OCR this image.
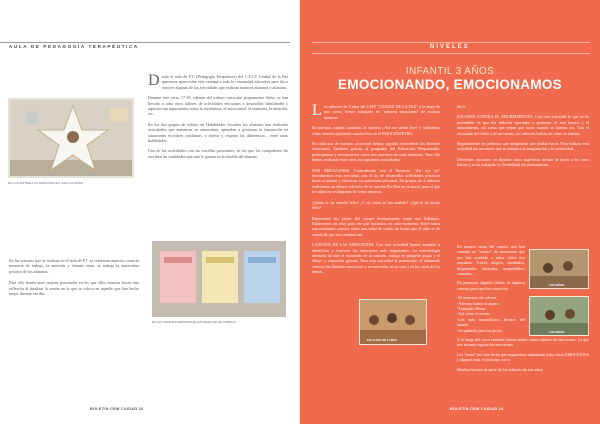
AULA DE PEDAGOGÍA TERAPÉUTICA

Desde el aula de P.T. (Pedagogía Terapéutica) del C.E.I.P. Ciudad de la Paz queremos aprovechar esta ventana a toda la comunidad educativa para dar a conocer algunas de las actividades que realizan nuestros alumnos y alumnas.

Durante este curso 17-18, además del trabajo curricular propiamente dicho, se han llevado a cabo otros talleres de actividades enfocadas a desarrollar habilidades y aspectos tan importantes como la autoestima, el autocontrol, la memoria, la atención, etc.

En los dos grupos de trabajo de Habilidades Sociales los alumnos han realizado actividades que aumentan su autoestima, aprenden a gestionar la frustración en situaciones escolares cotidianas, a tolerar y respetar las diferencias... entre otras habilidades.

Una de las actividades con las estrellas personales, en las que los compañeros les escriben las cualidades que más le gustan en la estrella del alumno.

EN LAS ESTRELLAS PERSONALES CADA ALUMNO

En las sesiones que se realizan en el aula de P.T. se refuerzan aspectos como la memoria de trabajo, la atención y durante estas, se trabaja la autoestima positiva de los alumnos.

Para ello tienen unas tarjetas personales en las que ellos mismos hacen una reflexión al finalizar la sesión en la que se coloca en aquello que han hecho mejor durante ese día.

EN LAS TARJETAS PERSONALES AUTOEVALÚAN SU TRABAJO
BOLETÍN CEM CIUDAD 22
NIVELES
INFANTIL 3 AÑOS
EMOCIONANDO, EMOCIONAMOS

Los niños/as de 3 años del CEIP "CIUDAD DE LA PAZ" a lo largo de este curso, hemos trabajado en "nuestras emociones" de muchas maneras.

En nuestras rutinas contamos la canción ¿Así me siento hoy? y señalamos cómo estamos poniendo nuestra foto en el EMOCIÓMETRO.

En cada una de nuestros proyectos hemos seguido conociendo las distintas emociones. También gracias al programa del Educación Responsable, participamos y reconocemos como nos sentimos en cada momento. Para ello hemos realizado entre otras las siguientes actividades:

NOS ABRAZAMOS: Coincidiendo con el Proyecto "Así soy yo" introducimos esta actividad, con el fin de desarrollar actividades positivas hacia sí mismo y favorecer su autoestima personal. En grupos de 4 niños/as realizamos un abrazo colectivo de la canción Pin-Pon en el mural, para el que los niños/as se disponen de forma emotiva.

¿Quién se ha sentido feliz? ¿Y tú, cómo te has sentido? ¿Qué te ha hecho feliz?

Repasamos las partes del cuerpo dramatizando como nos hallamos. Elaboramos un reloj para ver qué hacíamos en cada momento. Entre todos representamos cuentos sobre una señal de cariño de forma que el niño se dé cuenta de que nos sentimos así.

CANCIÓN DE LAS EMOCIONES: Con esta actividad hemos ayudado a identificar y expresar las emociones más importantes. La metodología utilizada ha sido el visionado de la canción, trabajo en pequeño grupo y el dibujo y expresión gestual. Para esta actividad la potenciado el alumnado conocer las distintas emociones y reconocerlas en su cara y en las caras de los demás.

EN CLASE DE 3 AÑOS

decir.

ESCAPAR CONTRA EL ABURRIMIENTO: Con esta actividad lo que se ha pretendido es que los niños/as aprendan a gestionar el mal humor y el aburrimiento, así como que sepan qué hacer cuando se sienten así. Tras el visionado del vídeo y de un cuento, los niños/as hablan de cómo se sentían.

Seguidamente les pedimos que imaginaran qué podían hacer. Para realizar esta actividad fue necesario que se trabajara la imaginación y la creatividad.

Diferentes opciones: en algunos casos sugirieron formas de hacer a los otros felices y se ha trabajado la flexibilidad del pensamiento.

En nuestro turno del cuento, nos han contado un "cuento" de emociones que nos han ayudado a saber cómo nos sentimos: Tristes, alegres, enfadados, desgastados, aburridos, sorprendidos, cansados...

Os ponemos algunos títulos de algunos cuentos para que los conozcáis:

-El monstruo de colores
-Adivina cuánto te quiero
-Tranquilo Moon
-Así como te sientes
-Los más maravillosos abrazos del mundo
-Un pañuelo para los piojos

LOS NIÑOS
LOS NIÑOS

A lo largo del curso también hemos hecho varios talleres de emociones, ya que nos encanta regular las emociones.

Las "notas" nos han dicho que seguiremos trabajando todos estos EMOCIONES y algunas más, el próximo curso.

Muchos besitos de parte de los niños/as de tres años.

BOLETÍN CEM CIUDAD 23
